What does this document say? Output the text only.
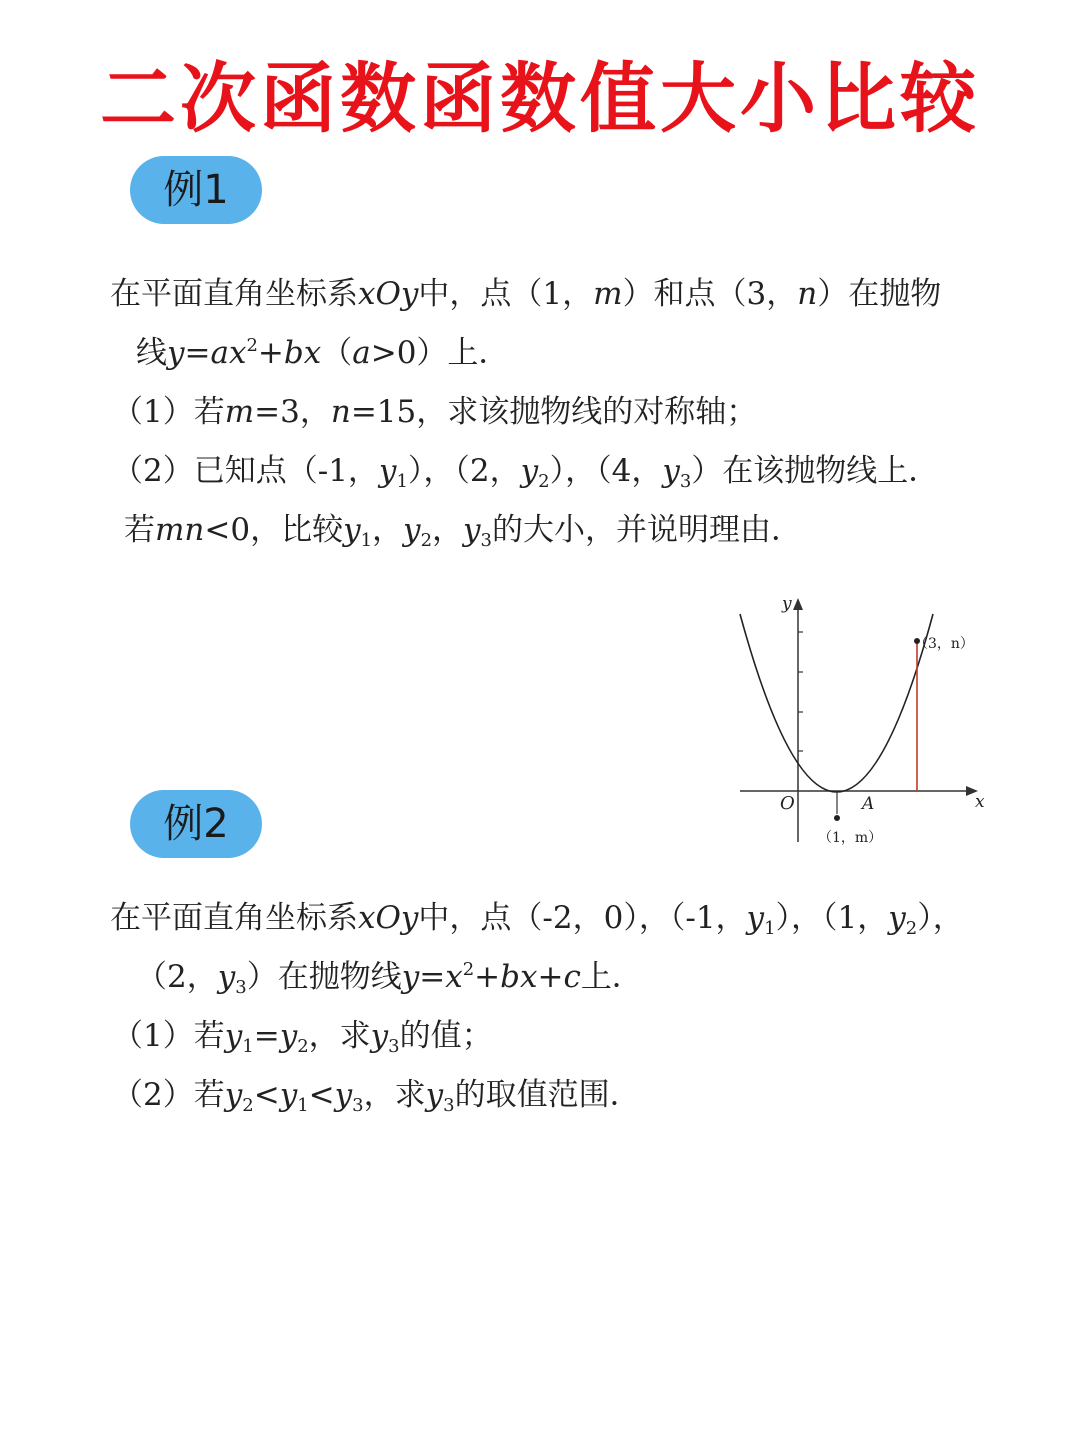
二次函数函数值大小比较
例1
在平面直角坐标系xOy中，点（1，m）和点（3，n）在抛物
线$y=ax^2+bx(a>0)$上．
（1）若m=3，n=15，求该抛物线的对称轴；
（2）已知点（-1，$y_1$），（2，$y_2$），（4，$y_3$）在该抛物线上．
若mn<0，比较$y_1$，$y_2$，$y_3$的大小，并说明理由．
y
x
O	A
（3，n）
（1，m）
例2
在平面直角坐标系xOy中，点（-2，0），（-1，$y_1$），（1，$y_2$），
（2，$y_3$）在抛物线$y=x^2+bx+c$上．
（1）若$y_1=y_2$，求$y_3$的值；
（2）若$y_2<y_1<y_3$，求$y_3$的取值范围．
